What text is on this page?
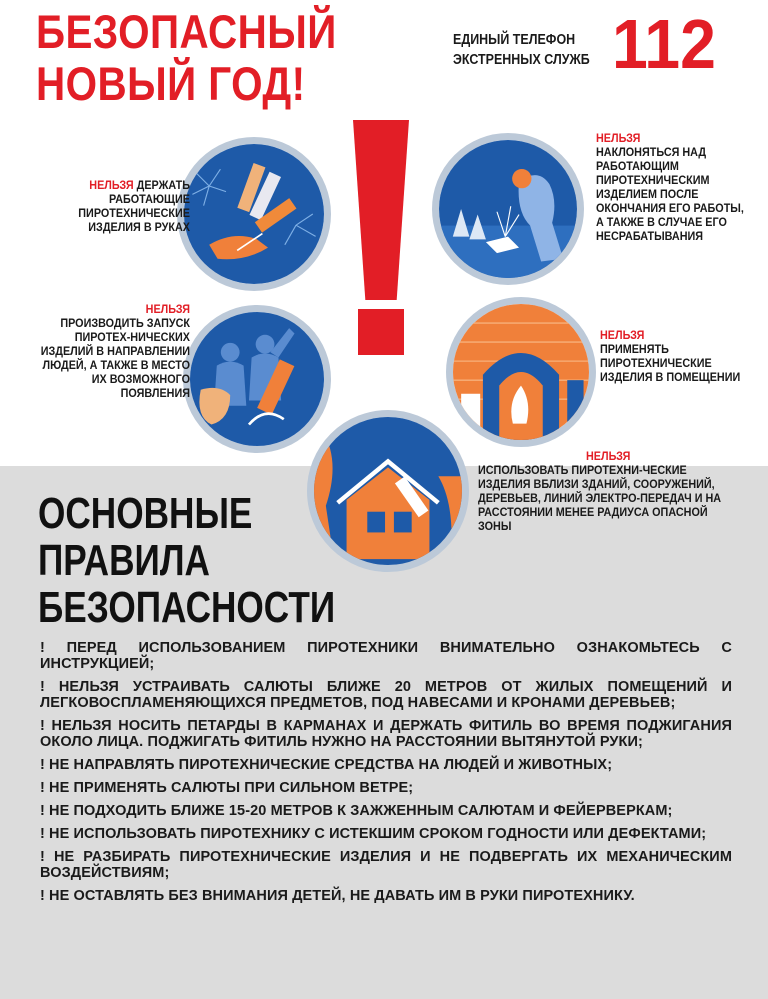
БЕЗОПАСНЫЙ
НОВЫЙ ГОД!
ЕДИНЫЙ ТЕЛЕФОН
ЭКСТРЕННЫХ СЛУЖБ 112
НЕЛЬЗЯ ДЕРЖАТЬ РАБОТАЮЩИЕ ПИРОТЕХНИЧЕСКИЕ ИЗДЕЛИЯ В РУКАХ
НЕЛЬЗЯ
НАКЛОНЯТЬСЯ НАД РАБОТАЮЩИМ ПИРОТЕХНИЧЕСКИМ ИЗДЕЛИЕМ ПОСЛЕ ОКОНЧАНИЯ ЕГО РАБОТЫ, А ТАКЖЕ В СЛУЧАЕ ЕГО НЕСРАБАТЫВАНИЯ
НЕЛЬЗЯ
ПРОИЗВОДИТЬ ЗАПУСК ПИРОТЕХ-НИЧЕСКИХ ИЗДЕЛИЙ В НАПРАВЛЕНИИ ЛЮДЕЙ, А ТАКЖЕ В МЕСТО ИХ ВОЗМОЖНОГО ПОЯВЛЕНИЯ
НЕЛЬЗЯ
ПРИМЕНЯТЬ ПИРОТЕХНИЧЕСКИЕ ИЗДЕЛИЯ В ПОМЕЩЕНИИ
НЕЛЬЗЯ
ИСПОЛЬЗОВАТЬ ПИРОТЕХНИ-ЧЕСКИЕ ИЗДЕЛИЯ ВБЛИЗИ ЗДАНИЙ, СООРУЖЕНИЙ, ДЕРЕВЬЕВ, ЛИНИЙ ЭЛЕКТРО-ПЕРЕДАЧ И НА РАССТОЯНИИ МЕНЕЕ РАДИУСА ОПАСНОЙ ЗОНЫ
ОСНОВНЫЕ
ПРАВИЛА
БЕЗОПАСНОСТИ
! ПЕРЕД ИСПОЛЬЗОВАНИЕМ ПИРОТЕХНИКИ ВНИМАТЕЛЬНО ОЗНАКОМЬТЕСЬ С ИНСТРУКЦИЕЙ;
! НЕЛЬЗЯ УСТРАИВАТЬ САЛЮТЫ БЛИЖЕ 20 МЕТРОВ ОТ ЖИЛЫХ ПОМЕЩЕНИЙ И ЛЕГКОВОСПЛАМЕНЯЮЩИХСЯ ПРЕДМЕТОВ, ПОД НАВЕСАМИ И КРОНАМИ ДЕРЕВЬЕВ;
! НЕЛЬЗЯ НОСИТЬ ПЕТАРДЫ В КАРМАНАХ И ДЕРЖАТЬ ФИТИЛЬ ВО ВРЕМЯ ПОДЖИГАНИЯ ОКОЛО ЛИЦА. ПОДЖИГАТЬ ФИТИЛЬ НУЖНО НА РАССТОЯНИИ ВЫТЯНУТОЙ РУКИ;
! НЕ НАПРАВЛЯТЬ ПИРОТЕХНИЧЕСКИЕ СРЕДСТВА НА ЛЮДЕЙ И ЖИВОТНЫХ;
! НЕ ПРИМЕНЯТЬ САЛЮТЫ ПРИ СИЛЬНОМ ВЕТРЕ;
! НЕ ПОДХОДИТЬ БЛИЖЕ 15-20 МЕТРОВ К ЗАЖЖЕННЫМ САЛЮТАМ И ФЕЙЕРВЕРКАМ;
! НЕ ИСПОЛЬЗОВАТЬ ПИРОТЕХНИКУ С ИСТЕКШИМ СРОКОМ ГОДНОСТИ ИЛИ ДЕФЕКТАМИ;
! НЕ РАЗБИРАТЬ ПИРОТЕХНИЧЕСКИЕ ИЗДЕЛИЯ И НЕ ПОДВЕРГАТЬ ИХ МЕХАНИЧЕСКИМ ВОЗДЕЙСТВИЯМ;
! НЕ ОСТАВЛЯТЬ БЕЗ ВНИМАНИЯ ДЕТЕЙ, НЕ ДАВАТЬ ИМ В РУКИ ПИРОТЕХНИКУ.
